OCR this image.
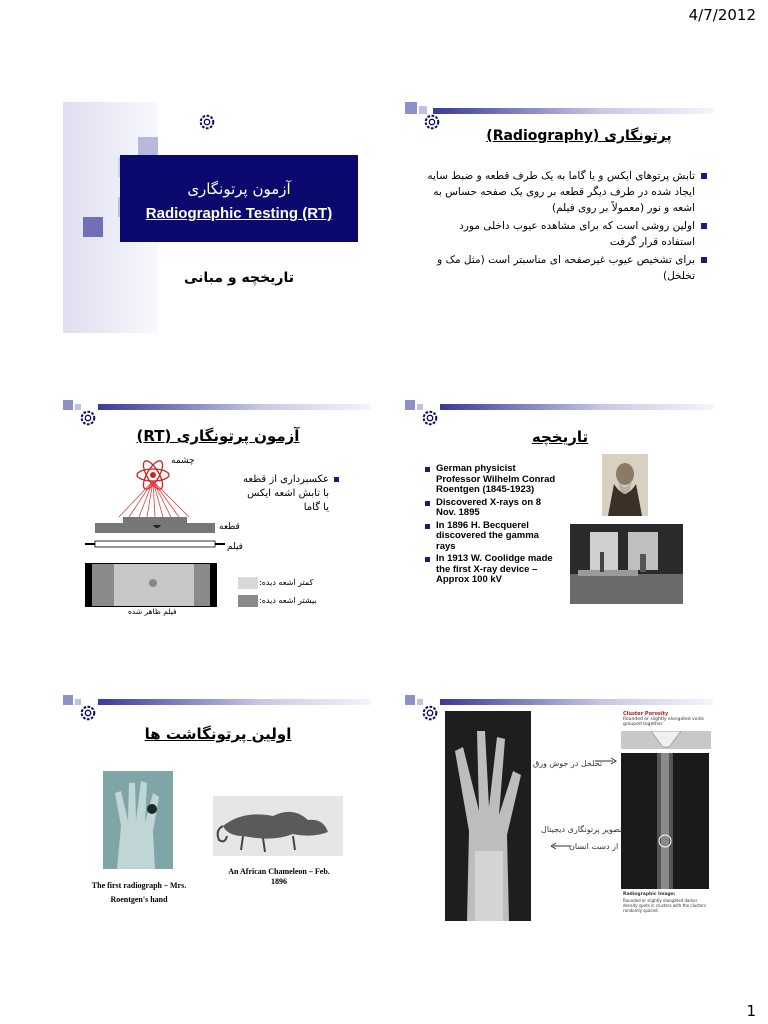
4/7/2012
آزمون پرتونگاری
Radiographic Testing (RT)
تاریخچه و مبانی
پرتونگاری (Radiography)
تابش پرتوهای ایکس و یا گاما به یک طرف قطعه و ضبط سایه ایجاد شده در طرف دیگر قطعه بر روی یک صفحه حساس به اشعه و نور (معمولاً بر روی فیلم)
اولین روشی است که برای مشاهده عیوب داخلی مورد استفاده قرار گرفت
برای تشخیص عیوب غیرصفحه ای مناسبتر است (مثل مک و تخلخل)
آزمون پرتونگاری (RT)
چشمه
قطعه
فیلم
فیلم ظاهر شده
عکسبرداری از قطعه با تابش اشعه ایکس یا گاما
کمتر اشعه دیده:
بیشتر اشعه دیده:
تاریخچه
German physicist Professor Wilhelm Conrad Roentgen (1845-1923)
Discovered X-rays on 8 Nov. 1895
In 1896 H. Becquerel discovered the gamma rays
In 1913 W. Coolidge made the first X-ray device – Approx 100 kV
اولین پرتونگاشت ها
The first radiograph – Mrs. Roentgen's hand
An African Chameleon – Feb. 1896
Cluster Porosity
Rounded or slightly elongated voids grouped together
Radiographic Image:
Rounded or slightly elongated darker density spots in clusters with the clusters randomly spaced.
تخلخل در جوش ورق
تصویر پرتونگاری دیجیتال
از دست انسان
1
